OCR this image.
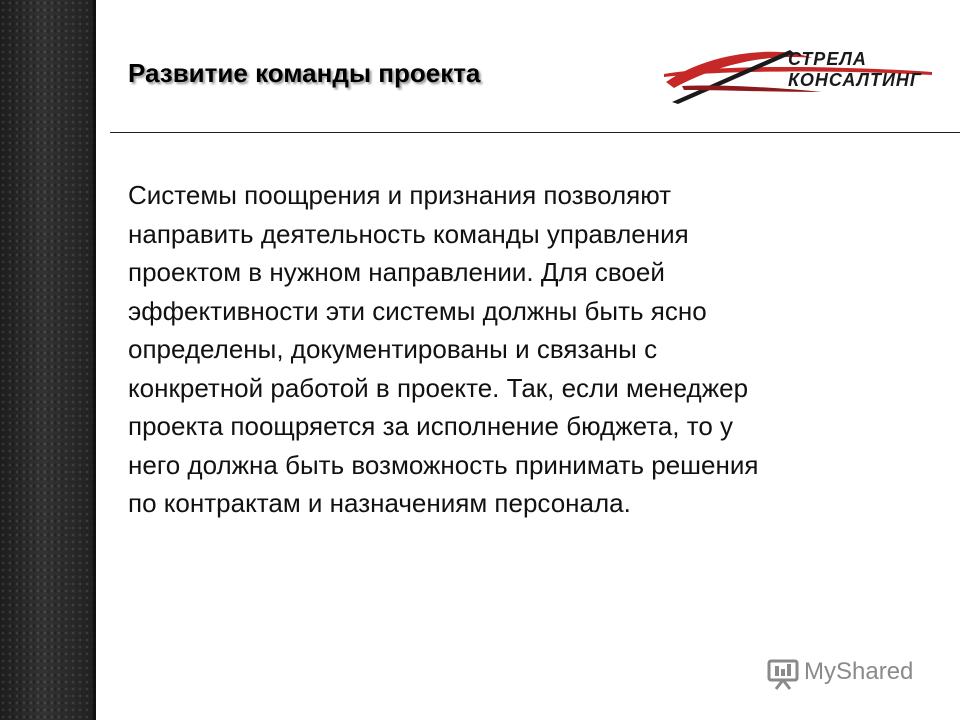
Развитие команды проекта	СТРЕЛА
КОНСАЛТИНГ
Системы поощрения и признания позволяют
направить деятельность команды управления
проектом в нужном направлении. Для своей
эффективности эти системы должны быть ясно
определены, документированы и связаны с
конкретной работой в проекте. Так, если менеджер
проекта поощряется за исполнение бюджета, то у
него должна быть возможность принимать решения
по контрактам и назначениям персонала.
MyShared
